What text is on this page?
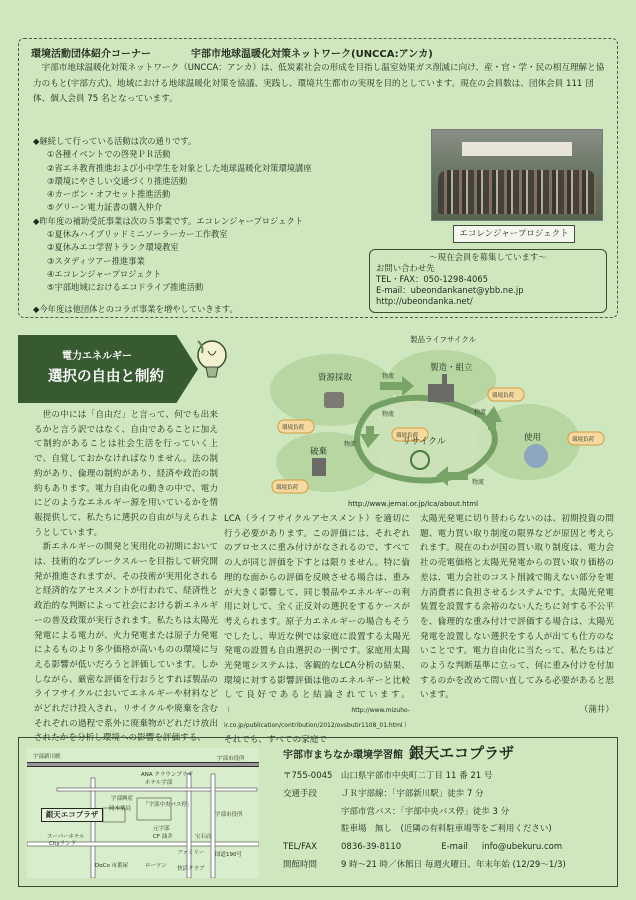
環境活動団体紹介コーナー	宇部市地球温暖化対策ネットワーク(UNCCA:アンカ)

宇部市地球温暖化対策ネットワーク（UNCCA：アンカ）は、低炭素社会の形成を目指し温室効果ガス削減に向け、産・官・学・民の相互理解と協力のもと(宇部方式)、地域における地球温暖化対策を協議、実践し、環境共生都市の実現を目的としています。現在の会員数は、団体会員 111 団体、個人会員 75 名となっています。

◆継続して行っている活動は次の通りです。
①各種イベントでの啓発ＰＲ活動
②省エネ教育推進および小中学生を対象とした地球温暖化対策環境講座
③環境にやさしい交通づくり推進活動
④カーボン・オフセット推進活動
⑤グリーン電力証書の購入仲介
◆昨年度の補助受託事業は次の５事業です。エコレンジャープロジェクト
①夏休みハイブリッドミニソーラーカー工作教室
②夏休みエコ学習トランク環境教室
③スタディツアー推進事業
④エコレンジャープロジェクト
⑤宇部地域におけるエコドライブ推進活動
エコレンジャープロジェクト
～現在会員を募集しています～
お問い合わせ先
TEL・FAX：050-1298-4065
E-mail：ubeondankanet@ybb.ne.jp
http://ubeondanka.net/
◆今年度は他団体とのコラボ事業を増やしていきます。
電力エネルギー
選択の自由と制約

世の中には「自由だ」と言って、何でも出来るかと言う訳ではなく、自由であることに加えて制約があることは社会生活を行っていく上で、自覚しておかなければなりません。法の制約があり、倫理の制約があり、経済や政治の制約もあります。電力自由化の動きの中で、電力にどのようなエネルギー源を用いているかを情報提供して、私たちに選択の自由が与えられようとしています。

新エネルギーの開発と実用化の初期においては、技術的なブレークスルーを目指して研究開発が推進されますが、その技術が実用化されると経済的なアセスメントが行われて、経済性と政治的な判断によって社会における新エネルギーの普及政策が実行されます。私たちは太陽光発電による電力が、火力発電または原子力発電によるものより多少価格が高いものの環境に与える影響が低いだろうと評価しています。しかしながら、厳密な評価を行おうとすれば製品のライフサイクルにおいてエネルギーや材料などがどれだけ投入され、リサイクルや廃棄を含むそれぞれの過程で系外に廃棄物がどれだけ放出されたかを分析し環境への影響を評価する、

製品ライフサイクル
資源採取
製造・組立
使用
リサイクル
破棄
物流
物流
物流
物流
物流
環境負荷
環境負荷
環境負荷
環境負荷
環境負荷
http://www.jemai.or.jp/lca/about.html
LCA（ライフサイクルアセスメント）を適切に行う必要があります。この評価には、それぞれのプロセスに重み付けがなされるので、すべての人が同じ評価を下すとは限りません。特に倫理的な面からの評価を反映させる場合は、重みが大きく影響して、同じ製品やエネルギーの利用に対して、全く正反対の選択をするケースが考えられます。原子力エネルギーの場合もそうでしたし、卑近な例では家庭に設置する太陽光発電の設置も自由選択の一例です。家庭用太陽光発電システムは、客観的なLCA分析の結果、環境に対する影響評価は他のエネルギーと比較して良好であると結論されています。（http://www.mizuho-ir.co.jp/publication/contribution/2012/ovsbutir1108_01.html）それでも、すべての家庭で
太陽光発電に切り替わらないのは、初期投資の問題、電力買い取り制度の限界などが原因と考えられます。現在のわが国の買い取り制度は、電力会社の売電価格と太陽光発電からの買い取り価格の差は、電力会社のコスト削減で賄えない部分を電力消費者に負担させるシステムです。太陽光発電装置を設置する余裕のない人たちに対する不公平を、倫理的な重み付けで評価する場合は、太陽光発電を設置しない選択をする人が出ても仕方のないことです。電力自由化に当たって、私たちはどのような判断基準に立って、何に重み付けを付加するのかを改めて問い直してみる必要があると思います。
（蒲井）
宇部新川駅
ANA クラウンプラザ
ホテル宇部
宇部興産
岡本薬局
「宇部中央バス停」
宇部市役所
宇部市役所
宝石店
国道190号
スーパーホテル
Cityランド
DoCo 市番屋	ローソン
ファミリー
快活クラブ
元宇部
CF 油井
銀天エコプラザ
宇部市まちなか環境学習館 銀天エコプラザ
〒755-0045　山口県宇部市中央町二丁目 11 番 21 号
交通手段	ＪＲ宇部線：「宇部新川駅」徒歩 7 分
宇部市営バス：「宇部中央バス停」徒歩 3 分
駐車場　無し　(近隣の有料駐車場等をご利用ください)
TEL/FAX	0836-39-8110	E-mail info@ubekuru.com
開館時間	9 時～21 時／休館日 毎週火曜日、年末年始 (12/29～1/3)
